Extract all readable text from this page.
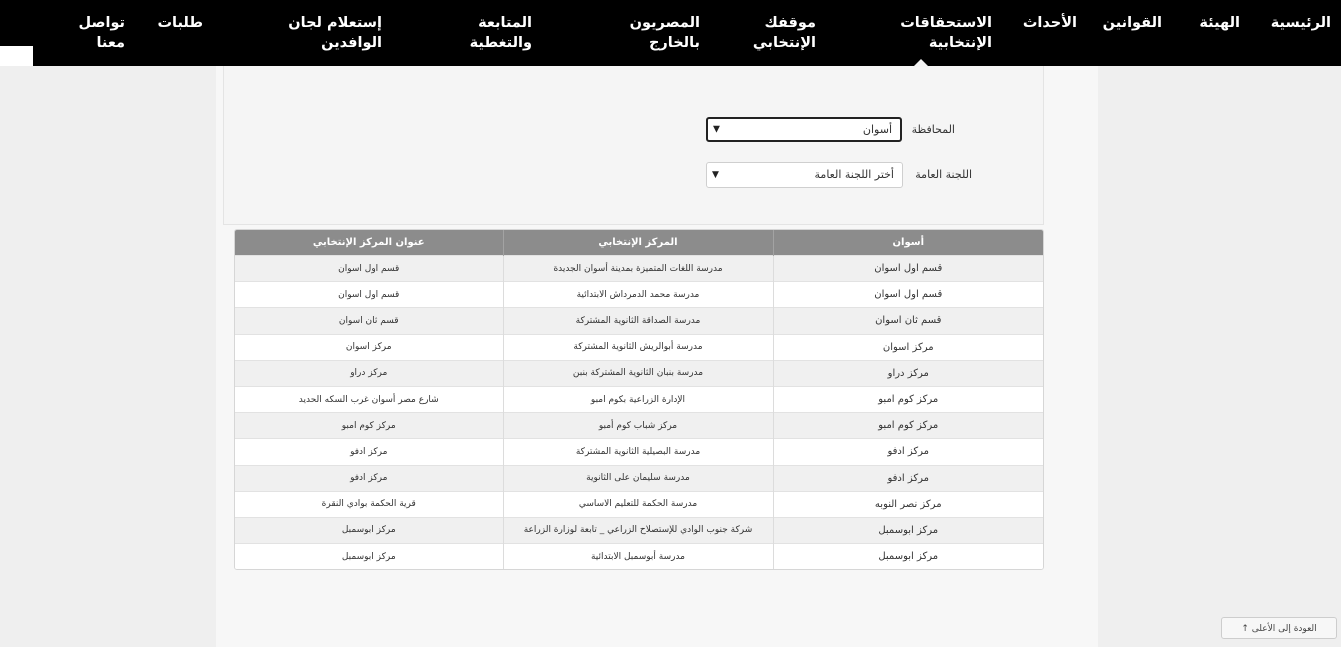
الرئيسية
الهيئة
القوانين
الأحداث
الاستحقاقات
الإنتخابية
موقفك
الإنتخابي
المصريون
بالخارج
المتابعة
والتغطية
إستعلام لجان
الوافدين
طلبات
تواصل
معنا
المحافظة
أسوان
▼
اللجنة العامة
أختر اللجنة العامة
▼
أسوان	المركز الإنتخابي	عنوان المركز الإنتخابي
قسم اول اسوان	مدرسة اللغات المتميزة بمدينة أسوان الجديدة	قسم اول اسوان
قسم اول اسوان	مدرسة محمد الدمرداش الابتدائية	قسم اول اسوان
قسم ثان اسوان	مدرسة الصداقة الثانوية المشتركة	قسم ثان اسوان
مركز اسوان	مدرسة أبوالريش الثانوية المشتركة	مركز اسوان
مركز دراو	مدرسة بنبان الثانوية المشتركة بنبن	مركز دراو
مركز كوم امبو	الإدارة الزراعية بكوم امبو	شارع مصر أسوان غرب السكه الحديد
مركز كوم امبو	مركز شباب كوم أمبو	مركز كوم امبو
مركز ادفو	مدرسة البصيلية الثانوية المشتركة	مركز ادفو
مركز ادفو	مدرسة سليمان على الثانوية	مركز ادفو
مركز نصر النوبه	مدرسة الحكمة للتعليم الاساسي	قرية الحكمة بوادي النقرة
مركز ابوسمبل	شركة جنوب الوادي للإستصلاح الزراعي _ تابعة لوزارة الزراعة	مركز ابوسمبل
مركز ابوسمبل	مدرسة أبوسمبل الابتدائية	مركز ابوسمبل
العودة إلى الأعلى ↑
